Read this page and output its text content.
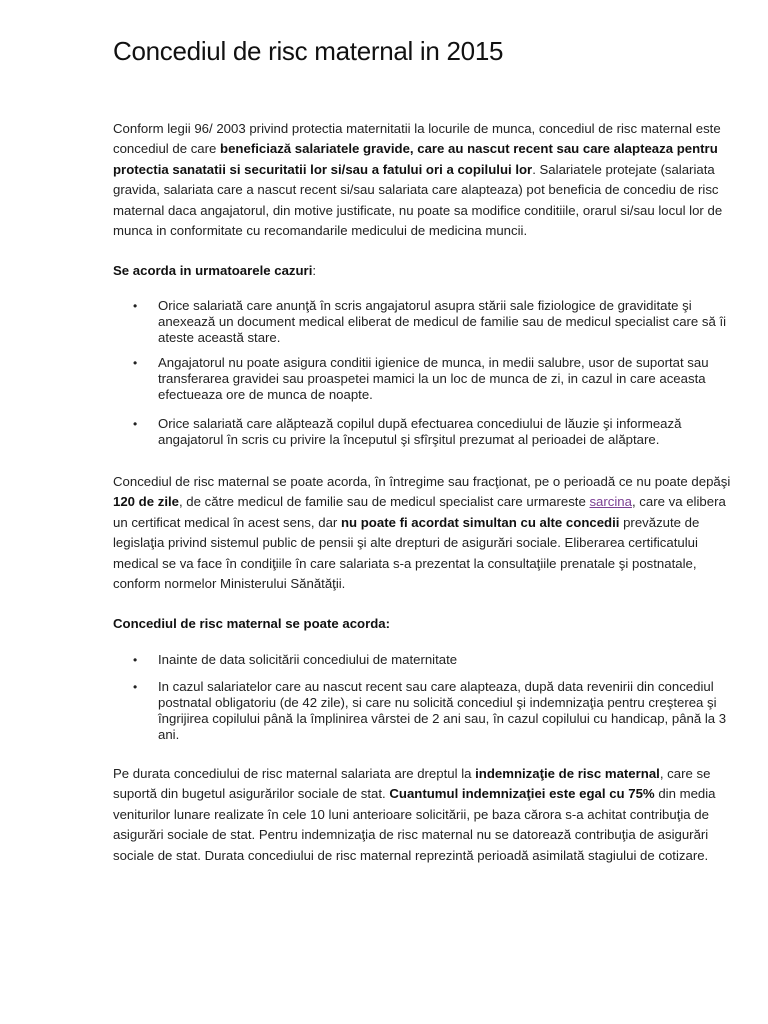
Concediul de risc maternal in 2015

Conform legii 96/ 2003 privind protectia maternitatii la locurile de munca, concediul de risc maternal este concediul de care beneficiază salariatele gravide, care au nascut recent sau care alapteaza pentru protectia sanatatii si securitatii lor si/sau a fatului ori a copilului lor. Salariatele protejate (salariata gravida, salariata care a nascut recent si/sau salariata care alapteaza) pot beneficia de concediu de risc maternal daca angajatorul, din motive justificate, nu poate sa modifice conditiile, orarul si/sau locul lor de munca in conformitate cu recomandarile medicului de medicina muncii.

Se acorda in urmatoarele cazuri:

• Orice salariată care anunţă în scris angajatorul asupra stării sale fiziologice de graviditate şi anexează un document medical eliberat de medicul de familie sau de medicul specialist care să îi ateste această stare.
• Angajatorul nu poate asigura conditii igienice de munca, in medii salubre, usor de suportat sau transferarea gravidei sau proaspetei mamici la un loc de munca de zi, in cazul in care aceasta efectueaza ore de munca de noapte.
• Orice salariată care alăptează copilul după efectuarea concediului de lăuzie şi informează angajatorul în scris cu privire la începutul şi sfîrşitul prezumat al perioadei de alăptare.

Concediul de risc maternal se poate acorda, în întregime sau fracţionat, pe o perioadă ce nu poate depăşi 120 de zile, de către medicul de familie sau de medicul specialist care urmareste sarcina, care va elibera un certificat medical în acest sens, dar nu poate fi acordat simultan cu alte concedii prevăzute de legislaţia privind sistemul public de pensii şi alte drepturi de asigurări sociale. Eliberarea certificatului medical se va face în condiţiile în care salariata s-a prezentat la consultaţiile prenatale şi postnatale, conform normelor Ministerului Sănătăţii.

Concediul de risc maternal se poate acorda:

• Inainte de data solicitării concediului de maternitate
• In cazul salariatelor care au nascut recent sau care alapteaza, după data revenirii din concediul postnatal obligatoriu (de 42 zile), si care nu solicită concediul şi indemnizaţia pentru creşterea şi îngrijirea copilului până la împlinirea vârstei de 2 ani sau, în cazul copilului cu handicap, până la 3 ani.

Pe durata concediului de risc maternal salariata are dreptul la indemnizaţie de risc maternal, care se suportă din bugetul asigurărilor sociale de stat. Cuantumul indemnizaţiei este egal cu 75% din media veniturilor lunare realizate în cele 10 luni anterioare solicitării, pe baza cărora s-a achitat contribuţia de asigurări sociale de stat. Pentru indemnizaţia de risc maternal nu se datorează contribuţia de asigurări sociale de stat. Durata concediului de risc maternal reprezintă perioadă asimilată stagiului de cotizare.
